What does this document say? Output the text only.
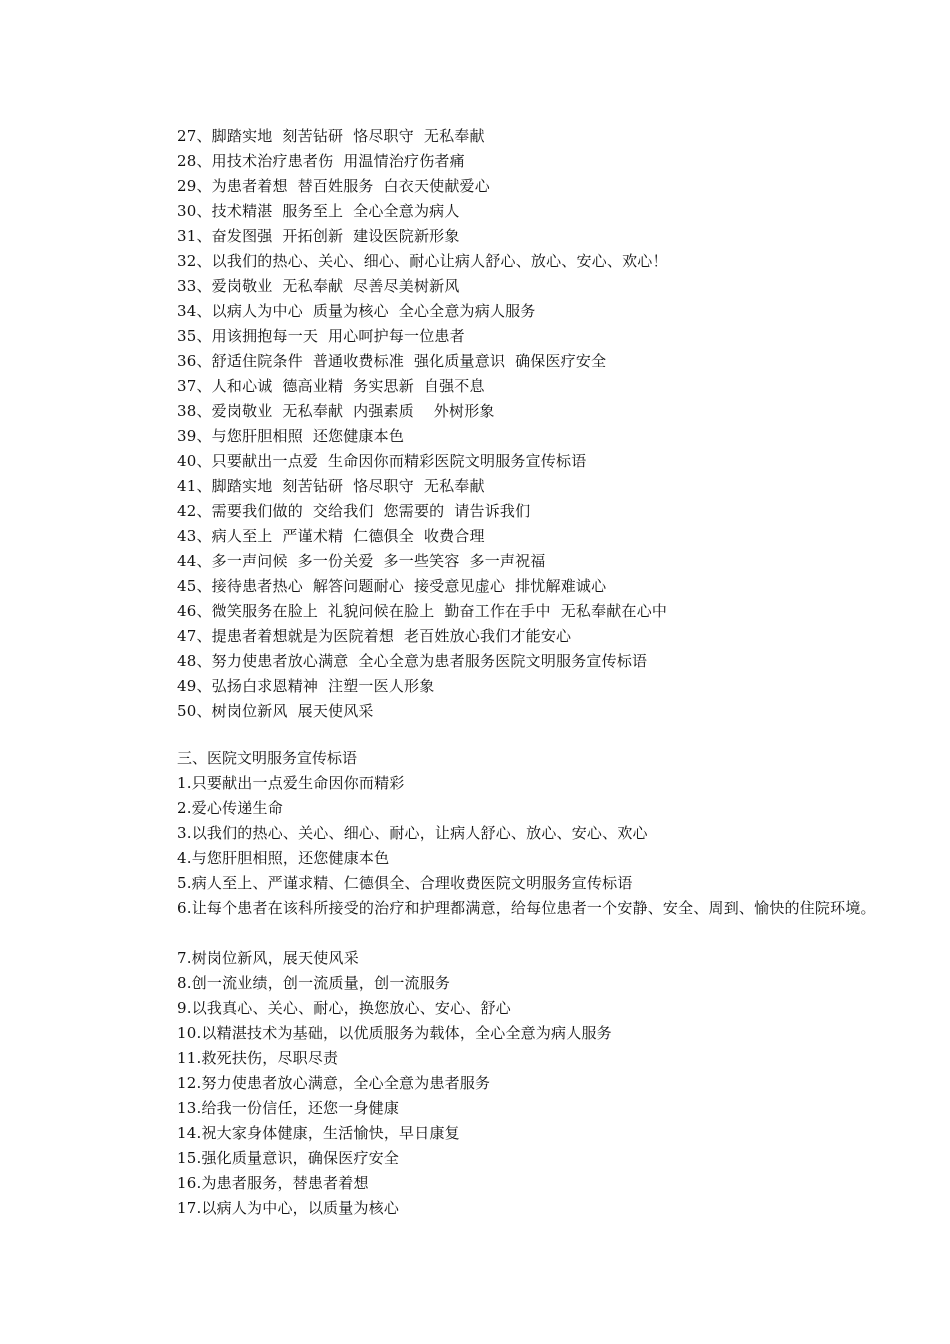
27、脚踏实地  刻苦钻研  恪尽职守  无私奉献
28、用技术治疗患者伤  用温情治疗伤者痛
29、为患者着想  替百姓服务  白衣天使献爱心
30、技术精湛  服务至上  全心全意为病人
31、奋发图强  开拓创新  建设医院新形象
32、以我们的热心、关心、细心、耐心让病人舒心、放心、安心、欢心！
33、爱岗敬业  无私奉献  尽善尽美树新风
34、以病人为中心  质量为核心  全心全意为病人服务
35、用该拥抱每一天  用心呵护每一位患者
36、舒适住院条件  普通收费标准  强化质量意识  确保医疗安全
37、人和心诚  德高业精  务实思新  自强不息
38、爱岗敬业  无私奉献  内强素质    外树形象
39、与您肝胆相照  还您健康本色
40、只要献出一点爱  生命因你而精彩医院文明服务宣传标语
41、脚踏实地  刻苦钻研  恪尽职守  无私奉献
42、需要我们做的  交给我们  您需要的  请告诉我们
43、病人至上  严谨术精  仁德俱全  收费合理
44、多一声问候  多一份关爱  多一些笑容  多一声祝福
45、接待患者热心  解答问题耐心  接受意见虚心  排忧解难诚心
46、微笑服务在脸上  礼貌问候在脸上  勤奋工作在手中  无私奉献在心中
47、提患者着想就是为医院着想  老百姓放心我们才能安心
48、努力使患者放心满意  全心全意为患者服务医院文明服务宣传标语
49、弘扬白求恩精神  注塑一医人形象
50、树岗位新风  展天使风采
三、医院文明服务宣传标语
1.只要献出一点爱生命因你而精彩
2.爱心传递生命
3.以我们的热心、关心、细心、耐心，让病人舒心、放心、安心、欢心
4.与您肝胆相照，还您健康本色
5.病人至上、严谨求精、仁德俱全、合理收费医院文明服务宣传标语
6.让每个患者在该科所接受的治疗和护理都满意，给每位患者一个安静、安全、周到、愉快的住院环境。
7.树岗位新风，展天使风采
8.创一流业绩，创一流质量，创一流服务
9.以我真心、关心、耐心，换您放心、安心、舒心
10.以精湛技术为基础，以优质服务为载体，全心全意为病人服务
11.救死扶伤，尽职尽责
12.努力使患者放心满意，全心全意为患者服务
13.给我一份信任，还您一身健康
14.祝大家身体健康，生活愉快，早日康复
15.强化质量意识，确保医疗安全
16.为患者服务，替患者着想
17.以病人为中心，以质量为核心
